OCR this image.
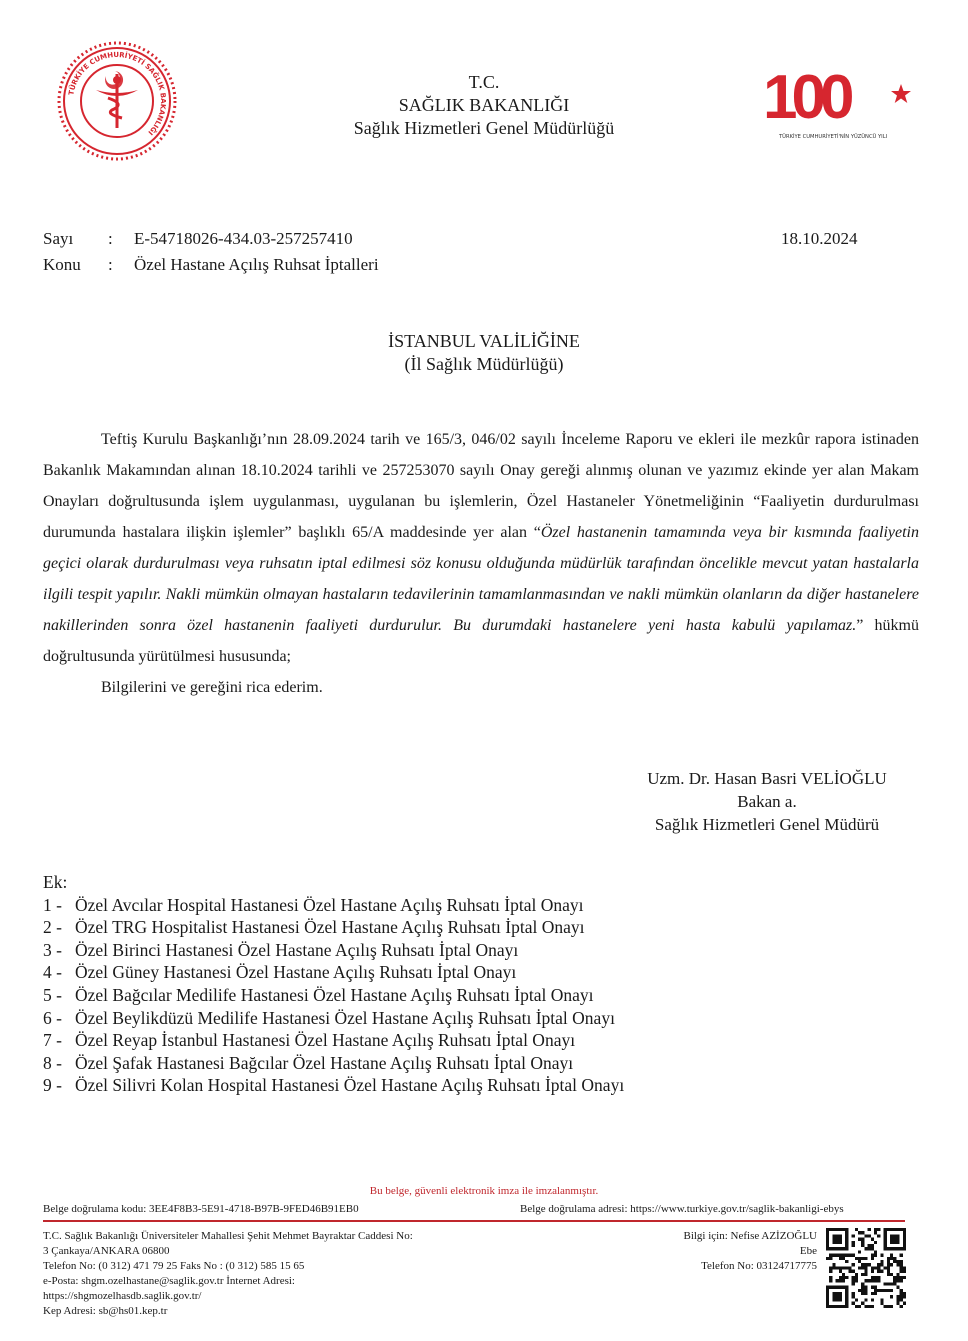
TÜRKİYE CUMHURİYETİ SAĞLIK BAKANLIĞI
T.C.
SAĞLIK BAKANLIĞI
Sağlık Hizmetleri Genel Müdürlüğü	100
TÜRKİYE CUMHURİYETİ'NİN YÜZÜNCÜ YILI
Sayı : E-54718026-434.03-257257410	18.10.2024
Konu : Özel Hastane Açılış Ruhsat İptalleri
İSTANBUL VALİLİĞİNE
(İl Sağlık Müdürlüğü)

Teftiş Kurulu Başkanlığı’nın 28.09.2024 tarih ve 165/3, 046/02 sayılı İnceleme Raporu ve ekleri ile mezkûr rapora istinaden Bakanlık Makamından alınan 18.10.2024 tarihli ve 257253070 sayılı Onay gereği alınmış olunan ve yazımız ekinde yer alan Makam Onayları doğrultusunda işlem uygulanması, uygulanan bu işlemlerin, Özel Hastaneler Yönetmeliğinin “Faaliyetin durdurulması durumunda hastalara ilişkin işlemler” başlıklı 65/A maddesinde yer alan “Özel hastanenin tamamında veya bir kısmında faaliyetin geçici olarak durdurulması veya ruhsatın iptal edilmesi söz konusu olduğunda müdürlük tarafından öncelikle mevcut yatan hastalarla ilgili tespit yapılır. Nakli mümkün olmayan hastaların tedavilerinin tamamlanmasından ve nakli mümkün olanların da diğer hastanelere nakillerinden sonra özel hastanenin faaliyeti durdurulur. Bu durumdaki hastanelere yeni hasta kabulü yapılamaz.” hükmü doğrultusunda yürütülmesi hususunda;

Bilgilerini ve gereğini rica ederim.

Uzm. Dr. Hasan Basri VELİOĞLU
Bakan a.
Sağlık Hizmetleri Genel Müdürü
Ek:
1 - Özel Avcılar Hospital Hastanesi Özel Hastane Açılış Ruhsatı İptal Onayı
2 - Özel TRG Hospitalist Hastanesi Özel Hastane Açılış Ruhsatı İptal Onayı
3 - Özel Birinci Hastanesi Özel Hastane Açılış Ruhsatı İptal Onayı
4 - Özel Güney Hastanesi Özel Hastane Açılış Ruhsatı İptal Onayı
5 - Özel Bağcılar Medilife Hastanesi Özel Hastane Açılış Ruhsatı İptal Onayı
6 - Özel Beylikdüzü Medilife Hastanesi Özel Hastane Açılış Ruhsatı İptal Onayı
7 - Özel Reyap İstanbul Hastanesi Özel Hastane Açılış Ruhsatı İptal Onayı
8 - Özel Şafak Hastanesi Bağcılar Özel Hastane Açılış Ruhsatı İptal Onayı
9 - Özel Silivri Kolan Hospital Hastanesi Özel Hastane Açılış Ruhsatı İptal Onayı
Bu belge, güvenli elektronik imza ile imzalanmıştır.
Belge doğrulama kodu: 3EE4F8B3-5E91-4718-B97B-9FED46B91EB0	Belge doğrulama adresi: https://www.turkiye.gov.tr/saglik-bakanligi-ebys
T.C. Sağlık Bakanlığı Üniversiteler Mahallesi Şehit Mehmet Bayraktar Caddesi No:
3 Çankaya/ANKARA 06800
Telefon No: (0 312) 471 79 25 Faks No : (0 312) 585 15 65
e-Posta: shgm.ozelhastane@saglik.gov.tr İnternet Adresi:
https://shgmozelhasdb.saglik.gov.tr/
Kep Adresi: sb@hs01.kep.tr
Bilgi için: Nefise AZİZOĞLU
Ebe
Telefon No: 03124717775
